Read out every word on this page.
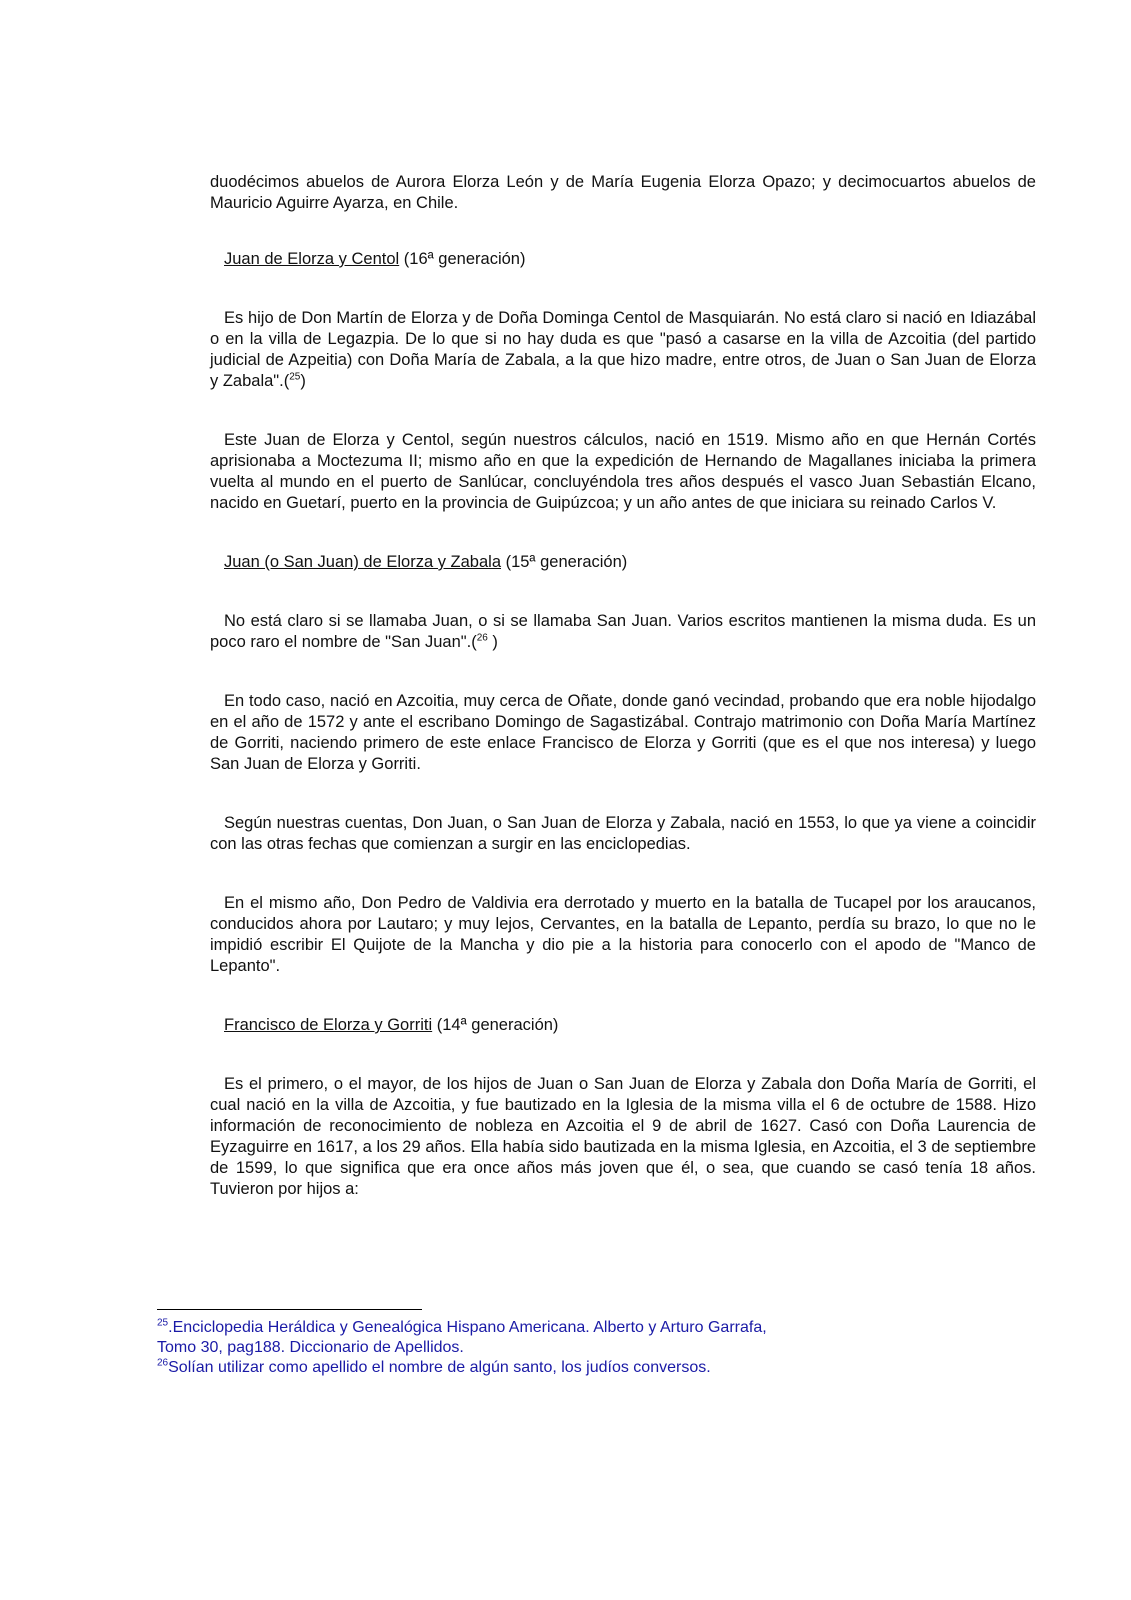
duodécimos abuelos de Aurora Elorza León y de María Eugenia Elorza Opazo; y decimocuartos abuelos de Mauricio Aguirre Ayarza, en Chile.

Juan de Elorza y Centol (16ª generación)

Es hijo de Don Martín de Elorza y de Doña Dominga Centol de Masquiarán. No está claro si nació en Idiazábal o en la villa de Legazpia. De lo que si no hay duda es que "pasó a casarse en la villa de Azcoitia (del partido judicial de Azpeitia) con Doña María de Zabala, a la que hizo madre, entre otros, de Juan o San Juan de Elorza y Zabala".($^{25}$)

Este Juan de Elorza y Centol, según nuestros cálculos, nació en 1519. Mismo año en que Hernán Cortés aprisionaba a Moctezuma II; mismo año en que la expedición de Hernando de Magallanes iniciaba la primera vuelta al mundo en el puerto de Sanlúcar, concluyéndola tres años después el vasco Juan Sebastián Elcano, nacido en Guetarí, puerto en la provincia de Guipúzcoa; y un año antes de que iniciara su reinado Carlos V.

Juan (o San Juan) de Elorza y Zabala (15ª generación)

No está claro si se llamaba Juan, o si se llamaba San Juan. Varios escritos mantienen la misma duda. Es un poco raro el nombre de "San Juan".($^{26}$ )

En todo caso, nació en Azcoitia, muy cerca de Oñate, donde ganó vecindad, probando que era noble hijodalgo en el año de 1572 y ante el escribano Domingo de Sagastizábal. Contrajo matrimonio con Doña María Martínez de Gorriti, naciendo primero de este enlace Francisco de Elorza y Gorriti (que es el que nos interesa) y luego San Juan de Elorza y Gorriti.

Según nuestras cuentas, Don Juan, o San Juan de Elorza y Zabala, nació en 1553, lo que ya viene a coincidir con las otras fechas que comienzan a surgir en las enciclopedias.

En el mismo año, Don Pedro de Valdivia era derrotado y muerto en la batalla de Tucapel por los araucanos, conducidos ahora por Lautaro; y muy lejos, Cervantes, en la batalla de Lepanto, perdía su brazo, lo que no le impidió escribir El Quijote de la Mancha y dio pie a la historia para conocerlo con el apodo de "Manco de Lepanto".

Francisco de Elorza y Gorriti (14ª generación)

Es el primero, o el mayor, de los hijos de Juan o San Juan de Elorza y Zabala don Doña María de Gorriti, el cual nació en la villa de Azcoitia, y fue bautizado en la Iglesia de la misma villa el 6 de octubre de 1588. Hizo información de reconocimiento de nobleza en Azcoitia el 9 de abril de 1627. Casó con Doña Laurencia de Eyzaguirre en 1617, a los 29 años. Ella había sido bautizada en la misma Iglesia, en Azcoitia, el 3 de septiembre de 1599, lo que significa que era once años más joven que él, o sea, que cuando se casó tenía 18 años. Tuvieron por hijos a:

$^{25}$.Enciclopedia Heráldica y Genealógica Hispano Americana. Alberto y Arturo Garrafa,
Tomo 30, pag188. Diccionario de Apellidos.

$^{26}$Solían utilizar como apellido el nombre de algún santo, los judíos conversos.
